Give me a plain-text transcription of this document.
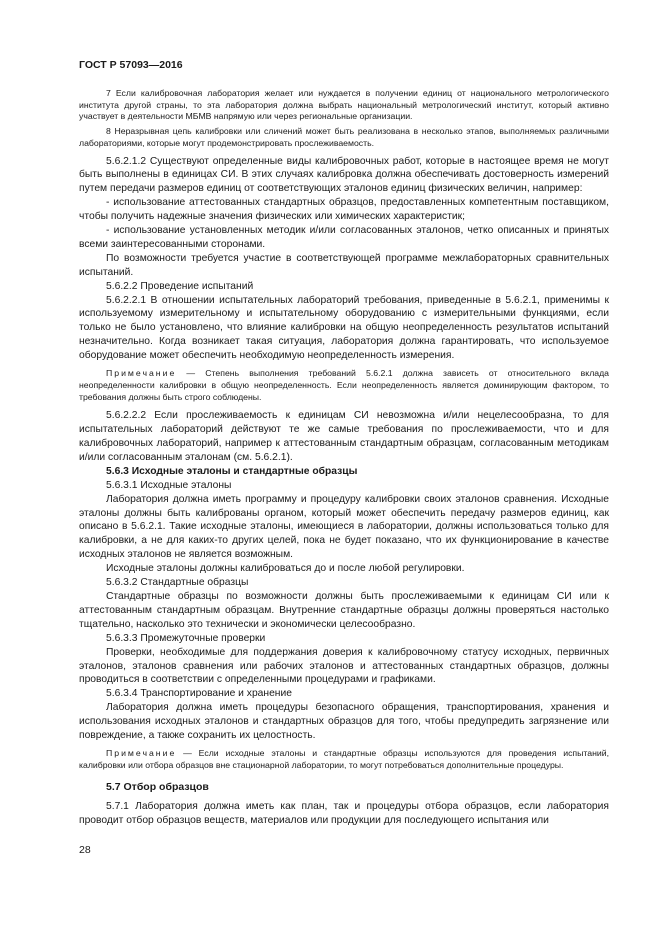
ГОСТ Р 57093—2016

7 Если калибровочная лаборатория желает или нуждается в получении единиц от национального метрологического института другой страны, то эта лаборатория должна выбрать национальный метрологический институт, который активно участвует в деятельности МБМВ напрямую или через региональные организации.

8 Неразрывная цепь калибровки или сличений может быть реализована в несколько этапов, выполняемых различными лабораториями, которые могут продемонстрировать прослеживаемость.

5.6.2.1.2 Существуют определенные виды калибровочных работ, которые в настоящее время не могут быть выполнены в единицах СИ. В этих случаях калибровка должна обеспечивать достоверность измерений путем передачи размеров единиц от соответствующих эталонов единиц физических величин, например:

- использование аттестованных стандартных образцов, предоставленных компетентным поставщиком, чтобы получить надежные значения физических или химических характеристик;

- использование установленных методик и/или согласованных эталонов, четко описанных и принятых всеми заинтересованными сторонами.

По возможности требуется участие в соответствующей программе межлабораторных сравнительных испытаний.

5.6.2.2 Проведение испытаний

5.6.2.2.1 В отношении испытательных лабораторий требования, приведенные в 5.6.2.1, применимы к используемому измерительному и испытательному оборудованию с измерительными функциями, если только не было установлено, что влияние калибровки на общую неопределенность результатов испытаний незначительно. Когда возникает такая ситуация, лаборатория должна гарантировать, что используемое оборудование может обеспечить необходимую неопределенность измерения.

Примечание — Степень выполнения требований 5.6.2.1 должна зависеть от относительного вклада неопределенности калибровки в общую неопределенность. Если неопределенность является доминирующим фактором, то требования должны быть строго соблюдены.

5.6.2.2.2 Если прослеживаемость к единицам СИ невозможна и/или нецелесообразна, то для испытательных лабораторий действуют те же самые требования по прослеживаемости, что и для калибровочных лабораторий, например к аттестованным стандартным образцам, согласованным методикам и/или согласованным эталонам (см. 5.6.2.1).

5.6.3 Исходные эталоны и стандартные образцы

5.6.3.1 Исходные эталоны

Лаборатория должна иметь программу и процедуру калибровки своих эталонов сравнения. Исходные эталоны должны быть калиброваны органом, который может обеспечить передачу размеров единиц, как описано в 5.6.2.1. Такие исходные эталоны, имеющиеся в лаборатории, должны использоваться только для калибровки, а не для каких-то других целей, пока не будет показано, что их функционирование в качестве исходных эталонов не является возможным.

Исходные эталоны должны калиброваться до и после любой регулировки.

5.6.3.2 Стандартные образцы

Стандартные образцы по возможности должны быть прослеживаемыми к единицам СИ или к аттестованным стандартным образцам. Внутренние стандартные образцы должны проверяться настолько тщательно, насколько это технически и экономически целесообразно.

5.6.3.3 Промежуточные проверки

Проверки, необходимые для поддержания доверия к калибровочному статусу исходных, первичных эталонов, эталонов сравнения или рабочих эталонов и аттестованных стандартных образцов, должны проводиться в соответствии с определенными процедурами и графиками.

5.6.3.4 Транспортирование и хранение

Лаборатория должна иметь процедуры безопасного обращения, транспортирования, хранения и использования исходных эталонов и стандартных образцов для того, чтобы предупредить загрязнение или повреждение, а также сохранить их целостность.

Примечание — Если исходные эталоны и стандартные образцы используются для проведения испытаний, калибровки или отбора образцов вне стационарной лаборатории, то могут потребоваться дополнительные процедуры.

5.7 Отбор образцов

5.7.1 Лаборатория должна иметь как план, так и процедуры отбора образцов, если лаборатория проводит отбор образцов веществ, материалов или продукции для последующего испытания или

28
